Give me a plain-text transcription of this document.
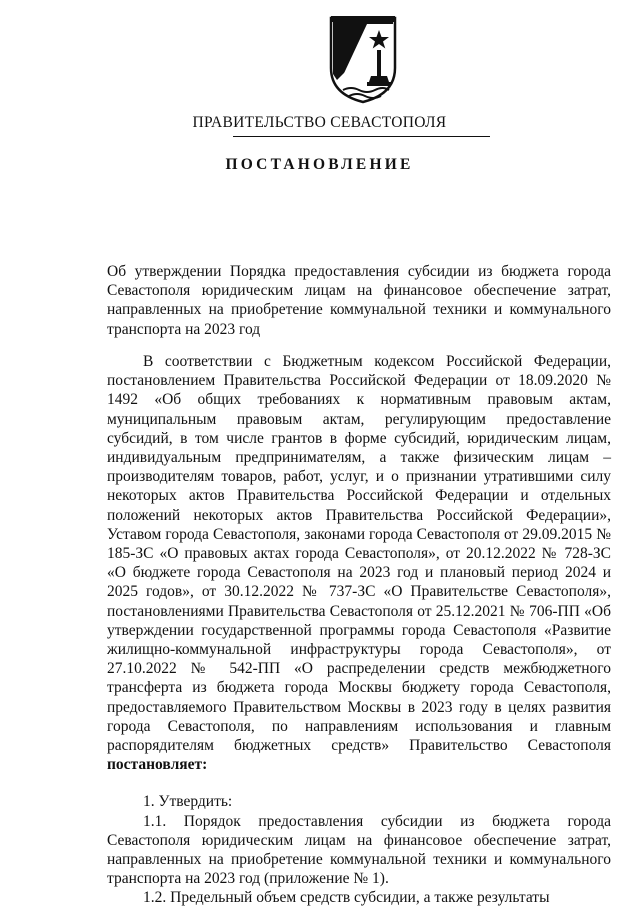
ПРАВИТЕЛЬСТВО СЕВАСТОПОЛЯ
ПОСТАНОВЛЕНИЕ
Об утверждении Порядка предоставления субсидии из бюджета города Севастополя юридическим лицам на финансовое обеспечение затрат, направленных на приобретение коммунальной техники и коммунального транспорта на 2023 год

В соответствии с Бюджетным кодексом Российской Федерации, постановлением Правительства Российской Федерации от 18.09.2020 № 1492 «Об общих требованиях к нормативным правовым актам, муниципальным правовым актам, регулирующим предоставление субсидий, в том числе грантов в форме субсидий, юридическим лицам, индивидуальным предпринимателям, а также физическим лицам – производителям товаров, работ, услуг, и о признании утратившими силу некоторых актов Правительства Российской Федерации и отдельных положений некоторых актов Правительства Российской Федерации», Уставом города Севастополя, законами города Севастополя от 29.09.2015 № 185-ЗС «О правовых актах города Севастополя», от 20.12.2022 № 728-ЗС «О бюджете города Севастополя на 2023 год и плановый период 2024 и 2025 годов», от 30.12.2022 № 737-ЗС «О Правительстве Севастополя», постановлениями Правительства Севастополя от 25.12.2021 № 706-ПП «Об утверждении государственной программы города Севастополя «Развитие жилищно-коммунальной инфраструктуры города Севастополя», от 27.10.2022 № 542-ПП «О распределении средств межбюджетного трансферта из бюджета города Москвы бюджету города Севастополя, предоставляемого Правительством Москвы в 2023 году в целях развития города Севастополя, по направлениям использования и главным распорядителям бюджетных средств» Правительство Севастополя постановляет:

1. Утвердить:

1.1. Порядок предоставления субсидии из бюджета города Севастополя юридическим лицам на финансовое обеспечение затрат, направленных на приобретение коммунальной техники и коммунального транспорта на 2023 год (приложение № 1).

1.2. Предельный объем средств субсидии, а также результаты
